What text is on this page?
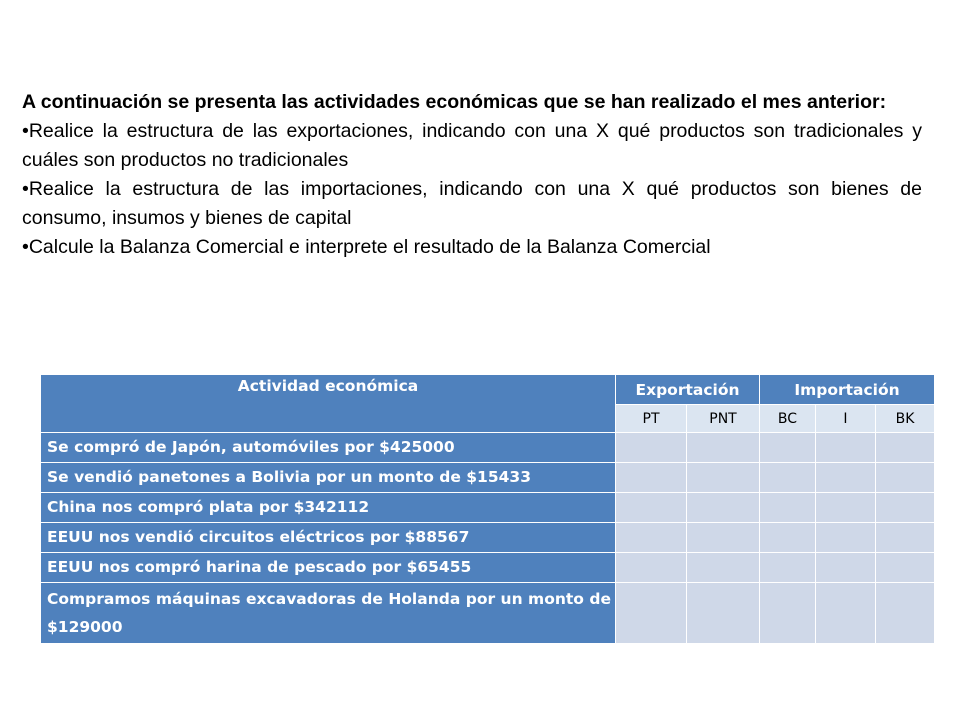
A continuación se presenta las actividades económicas que se han realizado el mes anterior:

•Realice la estructura de las exportaciones, indicando con una X qué productos son tradicionales y cuáles son productos no tradicionales

•Realice la estructura de las importaciones, indicando con una X qué productos son bienes de consumo, insumos y bienes de capital

•Calcule la Balanza Comercial e interprete el resultado de la Balanza Comercial

Actividad económica	Exportación		Importación		
	PT	PNT	BC	I	BK
Se compró de Japón, automóviles por $425000					
Se vendió panetones a Bolivia por un monto de $15433					
China nos compró plata por $342112					
EEUU nos vendió circuitos eléctricos por $88567					
EEUU nos compró harina de pescado por $65455					
Compramos máquinas excavadoras de Holanda por un monto de $129000					
